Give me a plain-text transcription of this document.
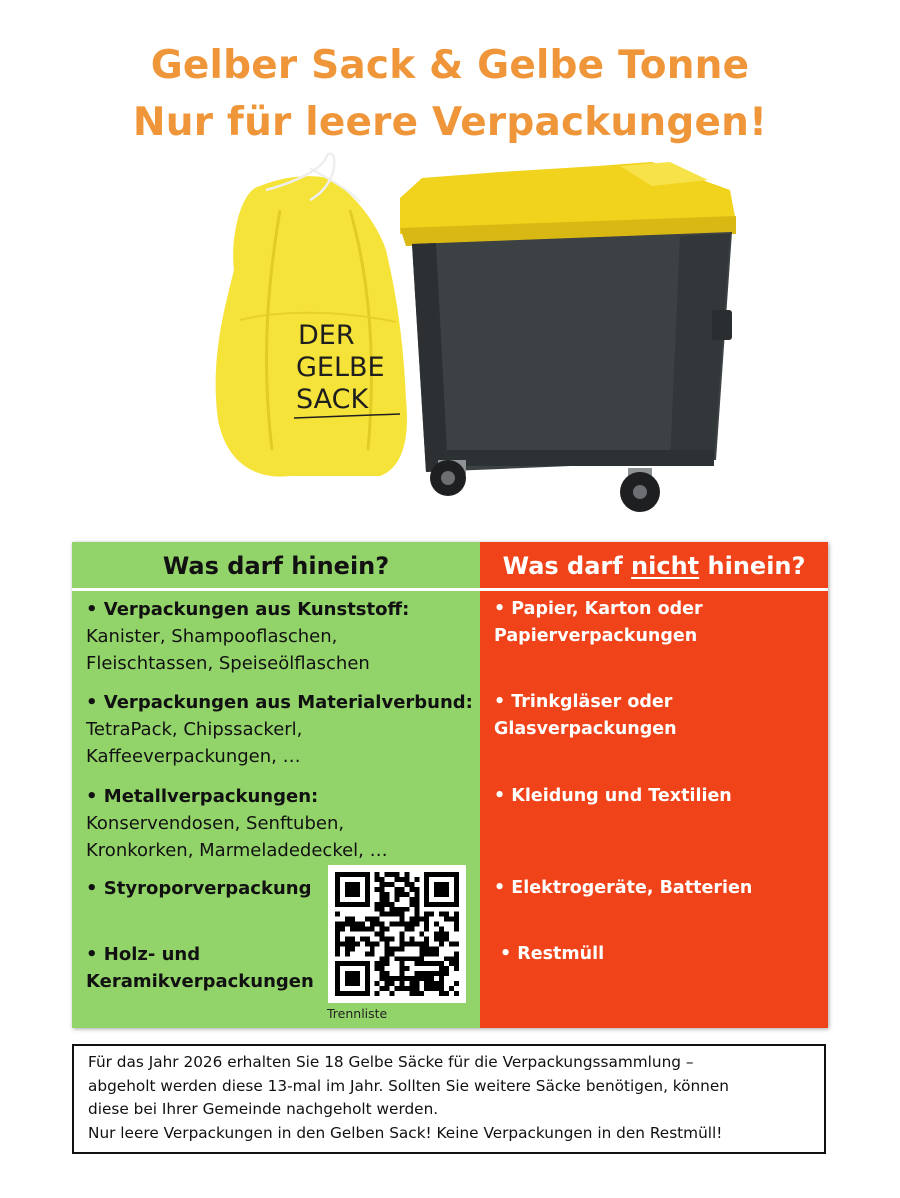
Gelber Sack & Gelbe Tonne
Nur für leere Verpackungen!
DER
GELBE
SACK
Was darf hinein?
• Verpackungen aus Kunststoff:
Kanister, Shampooflaschen,
Fleischtassen, Speiseölflaschen
• Verpackungen aus Materialverbund:
TetraPack, Chipssackerl,
Kaffeeverpackungen, …
• Metallverpackungen:
Konservendosen, Senftuben,
Kronkorken, Marmeladedeckel, …
• Styroporverpackung
• Holz- und
Keramikverpackungen
Trennliste
Was darf nicht hinein?
• Papier, Karton oder
Papierverpackungen
• Trinkgläser oder
Glasverpackungen
• Kleidung und Textilien
• Elektrogeräte, Batterien
• Restmüll
Für das Jahr 2026 erhalten Sie 18 Gelbe Säcke für die Verpackungssammlung –
abgeholt werden diese 13-mal im Jahr. Sollten Sie weitere Säcke benötigen, können
diese bei Ihrer Gemeinde nachgeholt werden.
Nur leere Verpackungen in den Gelben Sack! Keine Verpackungen in den Restmüll!
